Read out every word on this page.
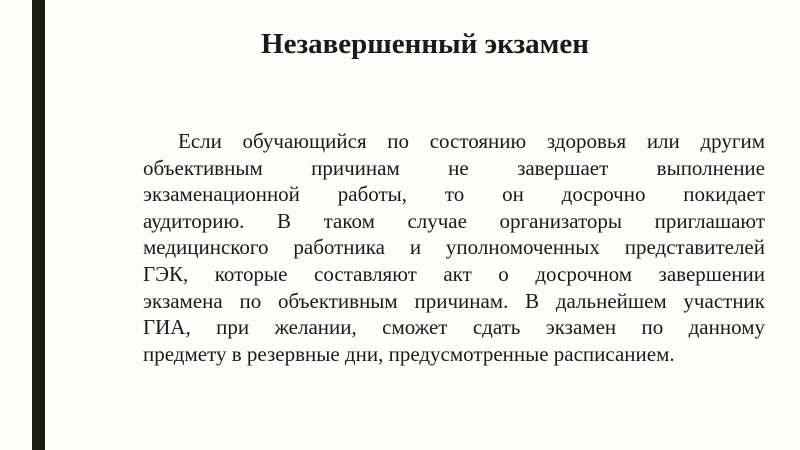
Незавершенный экзамен
Если обучающийся по состоянию здоровья или другим
объективным причинам не завершает выполнение
экзаменационной работы, то он досрочно покидает
аудиторию. В таком случае организаторы приглашают
медицинского работника и уполномоченных представителей
ГЭК, которые составляют акт о досрочном завершении
экзамена по объективным причинам. В дальнейшем участник
ГИА, при желании, сможет сдать экзамен по данному
предмету в резервные дни, предусмотренные расписанием.
